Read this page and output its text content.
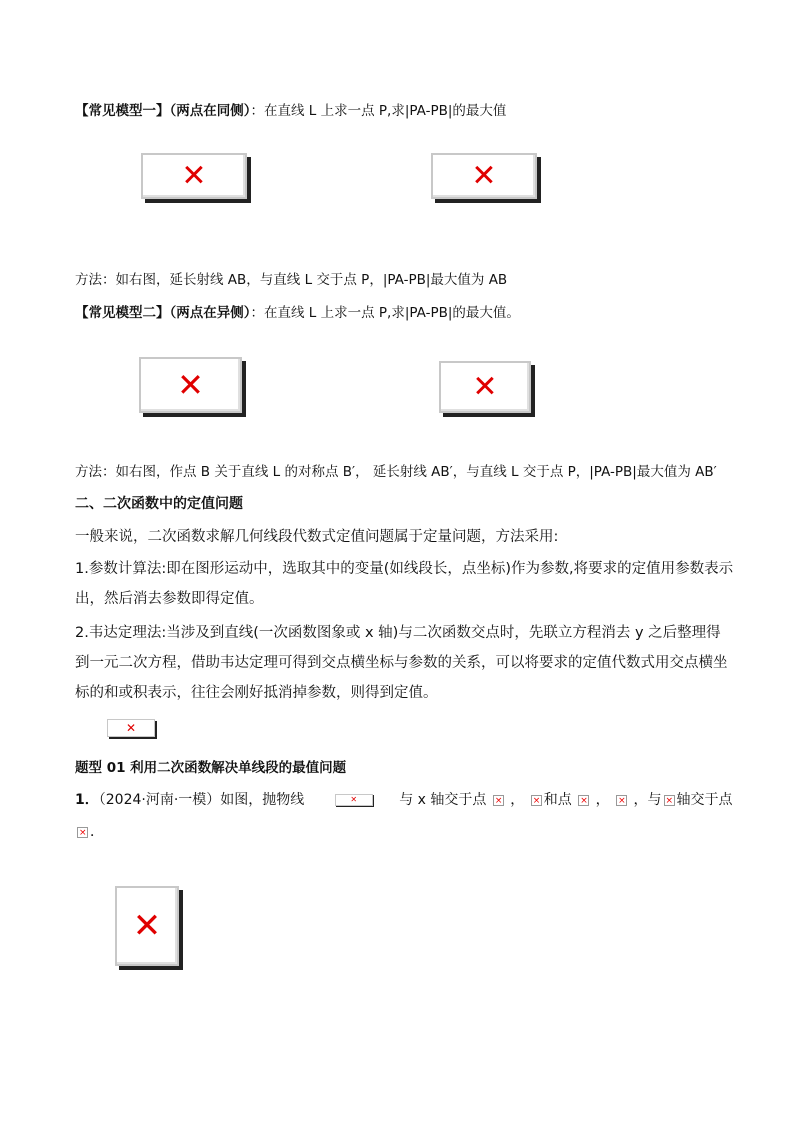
【常见模型一】（两点在同侧）：在直线 L 上求一点 P,求|PA-PB|的最大值
✕	✕
方法：如右图，延长射线 AB，与直线 L 交于点 P，|PA-PB|最大值为 AB
【常见模型二】（两点在异侧）：在直线 L 上求一点 P,求|PA-PB|的最大值。
✕	✕
方法：如右图，作点 B 关于直线 L 的对称点 B′， 延长射线 AB′，与直线 L 交于点 P，|PA-PB|最大值为 AB′
二、二次函数中的定值问题
一般来说，二次函数求解几何线段代数式定值问题属于定量问题，方法采用:
1.参数计算法:即在图形运动中，选取其中的变量(如线段长，点坐标)作为参数,将要求的定值用参数表示出，然后消去参数即得定值。
2.韦达定理法:当涉及到直线(一次函数图象或 x 轴)与二次函数交点时，先联立方程消去 y 之后整理得到一元二次方程，借助韦达定理可得到交点横坐标与参数的关系，可以将要求的定值代数式用交点横坐标的和或积表示，往往会刚好抵消掉参数，则得到定值。
✕
题型 01 利用二次函数解决单线段的最值问题
1．（2024·河南·一模）如图，抛物线	✕	与 x 轴交于点 × ， × 和点 × ， × ，与 × 轴交于点
×．
✕
